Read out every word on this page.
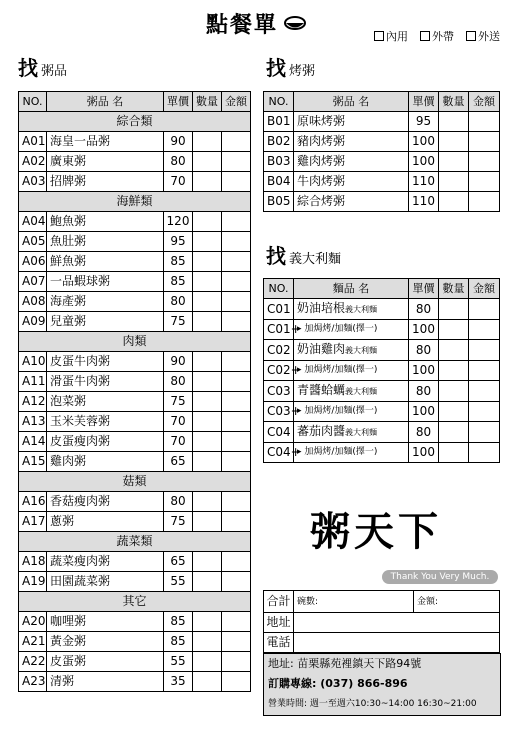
點餐單	內用 外帶 外送
找粥品	找烤粥
找義大利麵
NO.	粥品 名	單價	數量	金額
綜合類				
A01	海皇一品粥	90		
A02	廣東粥	80		
A03	招牌粥	70		
海鮮類				
A04	鮑魚粥	120		
A05	魚肚粥	95		
A06	鮮魚粥	85		
A07	一品蝦球粥	85		
A08	海產粥	80		
A09	兒童粥	75		
肉類				
A10	皮蛋牛肉粥	90		
A11	滑蛋牛肉粥	80		
A12	泡菜粥	75		
A13	玉米芙蓉粥	70		
A14	皮蛋瘦肉粥	70		
A15	雞肉粥	65		
菇類				
A16	香菇瘦肉粥	80		
A17	蔥粥	75		
蔬菜類				
A18	蔬菜瘦肉粥	65		
A19	田園蔬菜粥	55		
其它				
A20	咖哩粥	85		
A21	黃金粥	85		
A22	皮蛋粥	55		
A23	清粥	35		
NO.	粥品 名	單價	數量	金額
B01	原味烤粥	95		
B02	豬肉烤粥	100		
B03	雞肉烤粥	100		
B04	牛肉烤粥	110		
B05	綜合烤粥	110		
NO.	麵品 名	單價	數量	金額
C01	奶油培根義大利麵	80		
C01+	▸ 加焗烤/加麵(擇一)	100		
C02	奶油雞肉義大利麵	80		
C02+	▸ 加焗烤/加麵(擇一)	100		
C03	青醬蛤蠣義大利麵	80		
C03+	▸ 加焗烤/加麵(擇一)	100		
C04	蕃茄肉醬義大利麵	80		
C04+	▸ 加焗烤/加麵(擇一)	100		
粥天下
Thank You Very Much.
合計	碗數:	金額:
地址		
電話		
地址: 苗栗縣苑裡鎮天下路94號
訂購專線: (037) 866-896
營業時間: 週一至週六10:30~14:00 16:30~21:00
